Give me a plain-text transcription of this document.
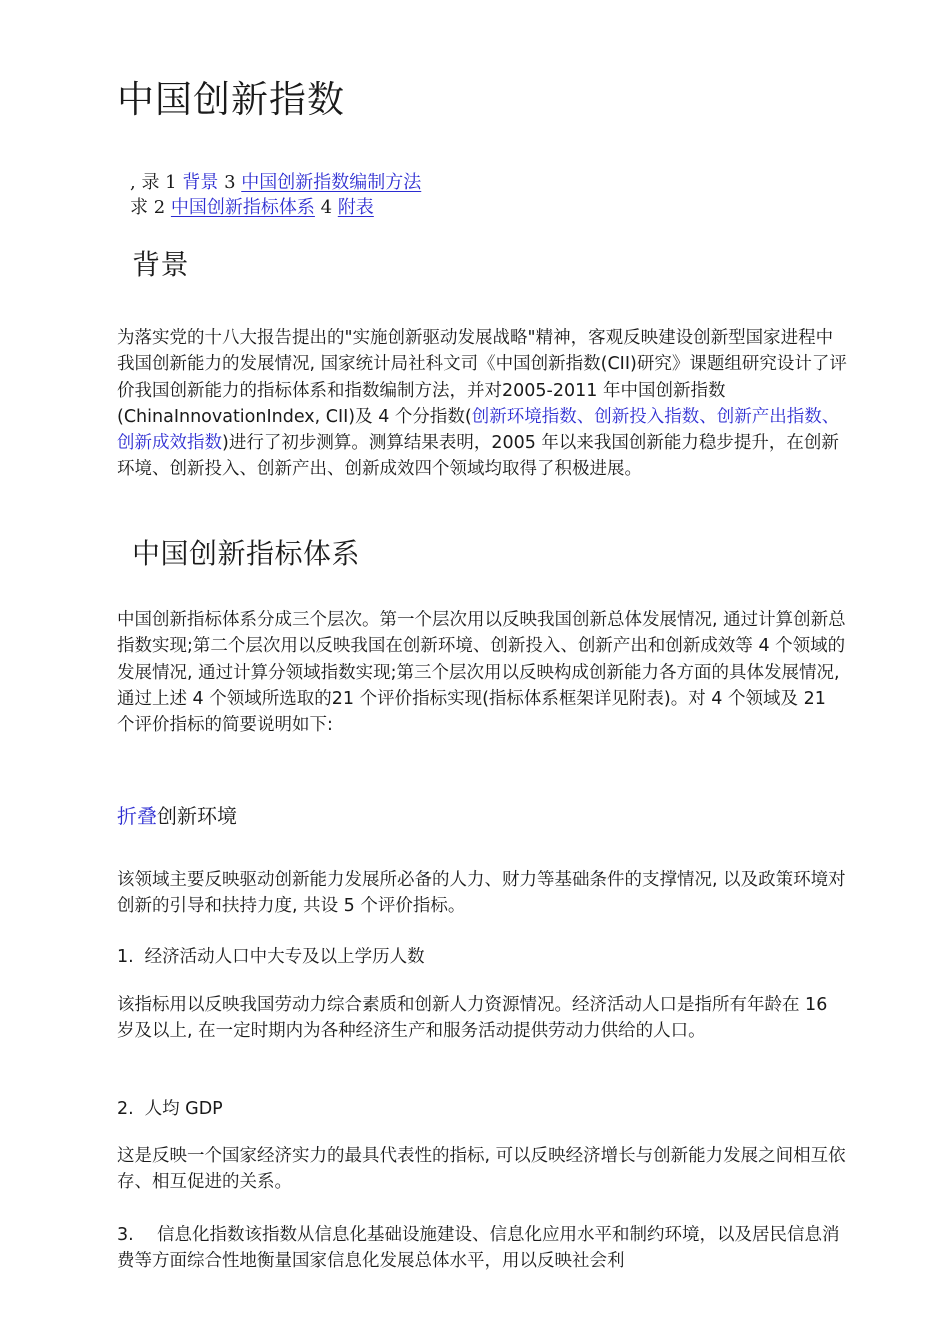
中国创新指数
, 录 1 背景 3 中国创新指数编制方法
求 2 中国创新指标体系 4 附表
背景
为落实党的十八大报告提出的"实施创新驱动发展战略"精神，客观反映建设创新型国家进程中我国创新能力的发展情况, 国家统计局社科文司《中国创新指数(CII)研究》课题组研究设计了评价我国创新能力的指标体系和指数编制方法，并对2005-2011 年中国创新指数(ChinaInnovationIndex, CII)及 4 个分指数(创新环境指数、创新投入指数、创新产出指数、创新成效指数)进行了初步测算。测算结果表明，2005 年以来我国创新能力稳步提升，在创新环境、创新投入、创新产出、创新成效四个领域均取得了积极进展。
中国创新指标体系
中国创新指标体系分成三个层次。第一个层次用以反映我国创新总体发展情况, 通过计算创新总指数实现;第二个层次用以反映我国在创新环境、创新投入、创新产出和创新成效等 4 个领域的发展情况, 通过计算分领域指数实现;第三个层次用以反映构成创新能力各方面的具体发展情况, 通过上述 4 个领域所选取的21 个评价指标实现(指标体系框架详见附表)。对 4 个领域及 21 个评价指标的简要说明如下:
折叠创新环境
该领域主要反映驱动创新能力发展所必备的人力、财力等基础条件的支撑情况, 以及政策环境对创新的引导和扶持力度, 共设 5 个评价指标。
1. 经济活动人口中大专及以上学历人数
该指标用以反映我国劳动力综合素质和创新人力资源情况。经济活动人口是指所有年龄在 16 岁及以上, 在一定时期内为各种经济生产和服务活动提供劳动力供给的人口。
2. 人均 GDP
这是反映一个国家经济实力的最具代表性的指标, 可以反映经济增长与创新能力发展之间相互依存、相互促进的关系。
3. 信息化指数该指数从信息化基础设施建设、信息化应用水平和制约环境，以及居民信息消费等方面综合性地衡量国家信息化发展总体水平，用以反映社会利
